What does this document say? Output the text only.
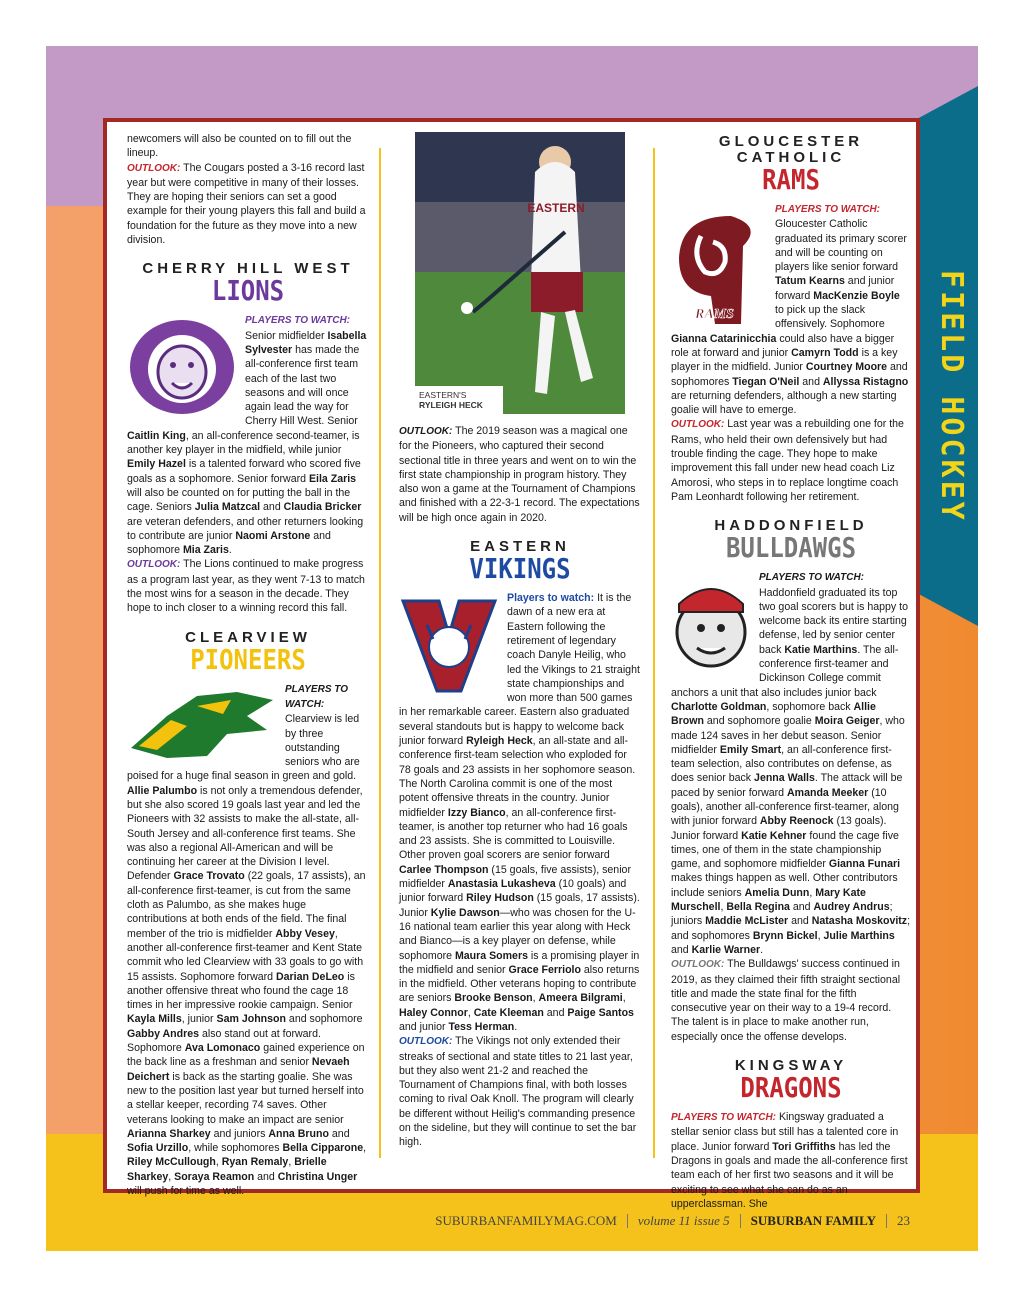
FIELD HOCKEY

newcomers will also be counted on to fill out the lineup.
OUTLOOK: The Cougars posted a 3-16 record last year but were competitive in many of their losses. They are hoping their seniors can set a good example for their young players this fall and build a foundation for the future as they move into a new division.

CHERRY HILL WEST
LIONS

PLAYERS TO WATCH: Senior midfielder Isabella Sylvester has made the all-conference first team each of the last two seasons and will once again lead the way for Cherry Hill West. Senior Caitlin King, an all-conference second-teamer, is another key player in the midfield, while junior Emily Hazel is a talented forward who scored five goals as a sophomore. Senior forward Eila Zaris will also be counted on for putting the ball in the cage. Seniors Julia Matzcal and Claudia Bricker are veteran defenders, and other returners looking to contribute are junior Naomi Arstone and sophomore Mia Zaris.
OUTLOOK: The Lions continued to make progress as a program last year, as they went 7-13 to match the most wins for a season in the decade. They hope to inch closer to a winning record this fall.

CLEARVIEW
PIONEERS

PLAYERS TO WATCH: Clearview is led by three outstanding seniors who are poised for a huge final season in green and gold. Allie Palumbo is not only a tremendous defender, but she also scored 19 goals last year and led the Pioneers with 32 assists to make the all-state, all-South Jersey and all-conference first teams. She was also a regional All-American and will be continuing her career at the Division I level. Defender Grace Trovato (22 goals, 17 assists), an all-conference first-teamer, is cut from the same cloth as Palumbo, as she makes huge contributions at both ends of the field. The final member of the trio is midfielder Abby Vesey, another all-conference first-teamer and Kent State commit who led Clearview with 33 goals to go with 15 assists. Sophomore forward Darian DeLeo is another offensive threat who found the cage 18 times in her impressive rookie campaign. Senior Kayla Mills, junior Sam Johnson and sophomore Gabby Andres also stand out at forward. Sophomore Ava Lomonaco gained experience on the back line as a freshman and senior Nevaeh Deichert is back as the starting goalie. She was new to the position last year but turned herself into a stellar keeper, recording 74 saves. Other veterans looking to make an impact are senior Arianna Sharkey and juniors Anna Bruno and Sofia Urzillo, while sophomores Bella Cipparone, Riley McCullough, Ryan Remaly, Brielle Sharkey, Soraya Reamon and Christina Unger will push for time as well.

EASTERN
EASTERN'S
RYLEIGH HECK

OUTLOOK: The 2019 season was a magical one for the Pioneers, who captured their second sectional title in three years and went on to win the first state championship in program history. They also won a game at the Tournament of Champions and finished with a 22-3-1 record. The expectations will be high once again in 2020.

EASTERN
VIKINGS

Players to watch: It is the dawn of a new era at Eastern following the retirement of legendary coach Danyle Heilig, who led the Vikings to 21 straight state championships and won more than 500 games in her remarkable career. Eastern also graduated several standouts but is happy to welcome back junior forward Ryleigh Heck, an all-state and all-conference first-team selection who exploded for 78 goals and 23 assists in her sophomore season. The North Carolina commit is one of the most potent offensive threats in the country. Junior midfielder Izzy Bianco, an all-conference first-teamer, is another top returner who had 16 goals and 23 assists. She is committed to Louisville. Other proven goal scorers are senior forward Carlee Thompson (15 goals, five assists), senior midfielder Anastasia Lukasheva (10 goals) and junior forward Riley Hudson (15 goals, 17 assists). Junior Kylie Dawson—who was chosen for the U-16 national team earlier this year along with Heck and Bianco—is a key player on defense, while sophomore Maura Somers is a promising player in the midfield and senior Grace Ferriolo also returns in the midfield. Other veterans hoping to contribute are seniors Brooke Benson, Ameera Bilgrami, Haley Connor, Cate Kleeman and Paige Santos and junior Tess Herman.
OUTLOOK: The Vikings not only extended their streaks of sectional and state titles to 21 last year, but they also went 21-2 and reached the Tournament of Champions final, with both losses coming to rival Oak Knoll. The program will clearly be different without Heilig's commanding presence on the sideline, but they will continue to set the bar high.

GLOUCESTER
CATHOLIC
RAMS

RAMS
PLAYERS TO WATCH: Gloucester Catholic graduated its primary scorer and will be counting on players like senior forward Tatum Kearns and junior forward MacKenzie Boyle to pick up the slack offensively. Sophomore Gianna Catarinicchia could also have a bigger role at forward and junior Camyrn Todd is a key player in the midfield. Junior Courtney Moore and sophomores Tiegan O'Neil and Allyssa Ristagno are returning defenders, although a new starting goalie will have to emerge.
OUTLOOK: Last year was a rebuilding one for the Rams, who held their own defensively but had trouble finding the cage. They hope to make improvement this fall under new head coach Liz Amorosi, who steps in to replace longtime coach Pam Leonhardt following her retirement.

HADDONFIELD
BULLDAWGS

PLAYERS TO WATCH: Haddonfield graduated its top two goal scorers but is happy to welcome back its entire starting defense, led by senior center back Katie Marthins. The all-conference first-teamer and Dickinson College commit anchors a unit that also includes junior back Charlotte Goldman, sophomore back Allie Brown and sophomore goalie Moira Geiger, who made 124 saves in her debut season. Senior midfielder Emily Smart, an all-conference first-team selection, also contributes on defense, as does senior back Jenna Walls. The attack will be paced by senior forward Amanda Meeker (10 goals), another all-conference first-teamer, along with junior forward Abby Reenock (13 goals). Junior forward Katie Kehner found the cage five times, one of them in the state championship game, and sophomore midfielder Gianna Funari makes things happen as well. Other contributors include seniors Amelia Dunn, Mary Kate Murschell, Bella Regina and Audrey Andrus; juniors Maddie McLister and Natasha Moskovitz; and sophomores Brynn Bickel, Julie Marthins and Karlie Warner.
OUTLOOK: The Bulldawgs' success continued in 2019, as they claimed their fifth straight sectional title and made the state final for the fifth consecutive year on their way to a 19-4 record. The talent is in place to make another run, especially once the offense develops.

KINGSWAY
DRAGONS

PLAYERS TO WATCH: Kingsway graduated a stellar senior class but still has a talented core in place. Junior forward Tori Griffiths has led the Dragons in goals and made the all-conference first team each of her first two seasons and it will be exciting to see what she can do as an upperclassman. She

SUBURBANFAMILYMAG.COM	volume 11 issue 5	SUBURBAN FAMILY	23
